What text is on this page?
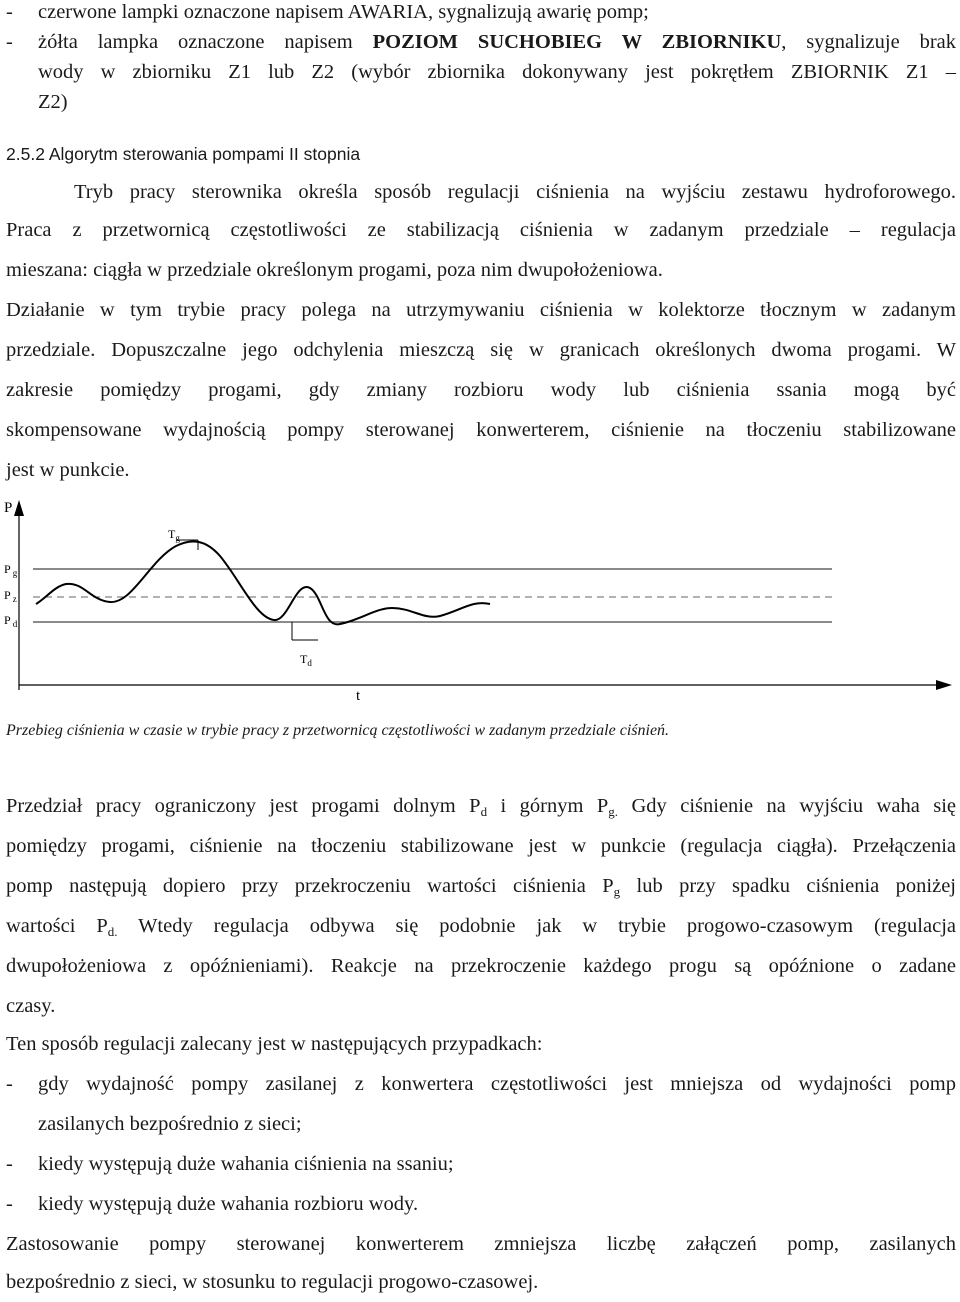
- czerwone lampki oznaczone napisem AWARIA, sygnalizują awarię pomp;
- żółta lampka oznaczone napisem POZIOM SUCHOBIEG W ZBIORNIKU, sygnalizuje brak
wody w zbiorniku Z1 lub Z2 (wybór zbiornika dokonywany jest pokrętłem ZBIORNIK Z1 –
Z2)
2.5.2 Algorytm sterowania pompami II stopnia
Tryb pracy sterownika określa sposób regulacji ciśnienia na wyjściu zestawu hydroforowego.
Praca z przetwornicą częstotliwości ze stabilizacją ciśnienia w zadanym przedziale – regulacja
mieszana: ciągła w przedziale określonym progami, poza nim dwupołożeniowa.
Działanie w tym trybie pracy polega na utrzymywaniu ciśnienia w kolektorze tłocznym w zadanym
przedziale. Dopuszczalne jego odchylenia mieszczą się w granicach określonych dwoma progami. W
zakresie pomiędzy progami, gdy zmiany rozbioru wody lub ciśnienia ssania mogą być
skompensowane wydajnością pompy sterowanej konwerterem, ciśnienie na tłoczeniu stabilizowane
jest w punkcie.
P
t
$T_g$
$T_d$
P $_g$
P $_z$
P $_d$
Przebieg ciśnienia w czasie w trybie pracy z przetwornicą częstotliwości w zadanym przedziale ciśnień.
Przedział pracy ograniczony jest progami dolnym $P_d$ i górnym $P_{g.}$ Gdy ciśnienie na wyjściu waha się
pomiędzy progami, ciśnienie na tłoczeniu stabilizowane jest w punkcie (regulacja ciągła). Przełączenia
pomp następują dopiero przy przekroczeniu wartości ciśnienia $P_g$ lub przy spadku ciśnienia poniżej
wartości $P_{d.}$ Wtedy regulacja odbywa się podobnie jak w trybie progowo-czasowym (regulacja
dwupołożeniowa z opóźnieniami). Reakcje na przekroczenie każdego progu są opóźnione o zadane
czasy.
Ten sposób regulacji zalecany jest w następujących przypadkach:
- gdy wydajność pompy zasilanej z konwertera częstotliwości jest mniejsza od wydajności pomp
zasilanych bezpośrednio z sieci;
- kiedy występują duże wahania ciśnienia na ssaniu;
- kiedy występują duże wahania rozbioru wody.
Zastosowanie pompy sterowanej konwerterem zmniejsza liczbę załączeń pomp, zasilanych
bezpośrednio z sieci, w stosunku to regulacji progowo-czasowej.
